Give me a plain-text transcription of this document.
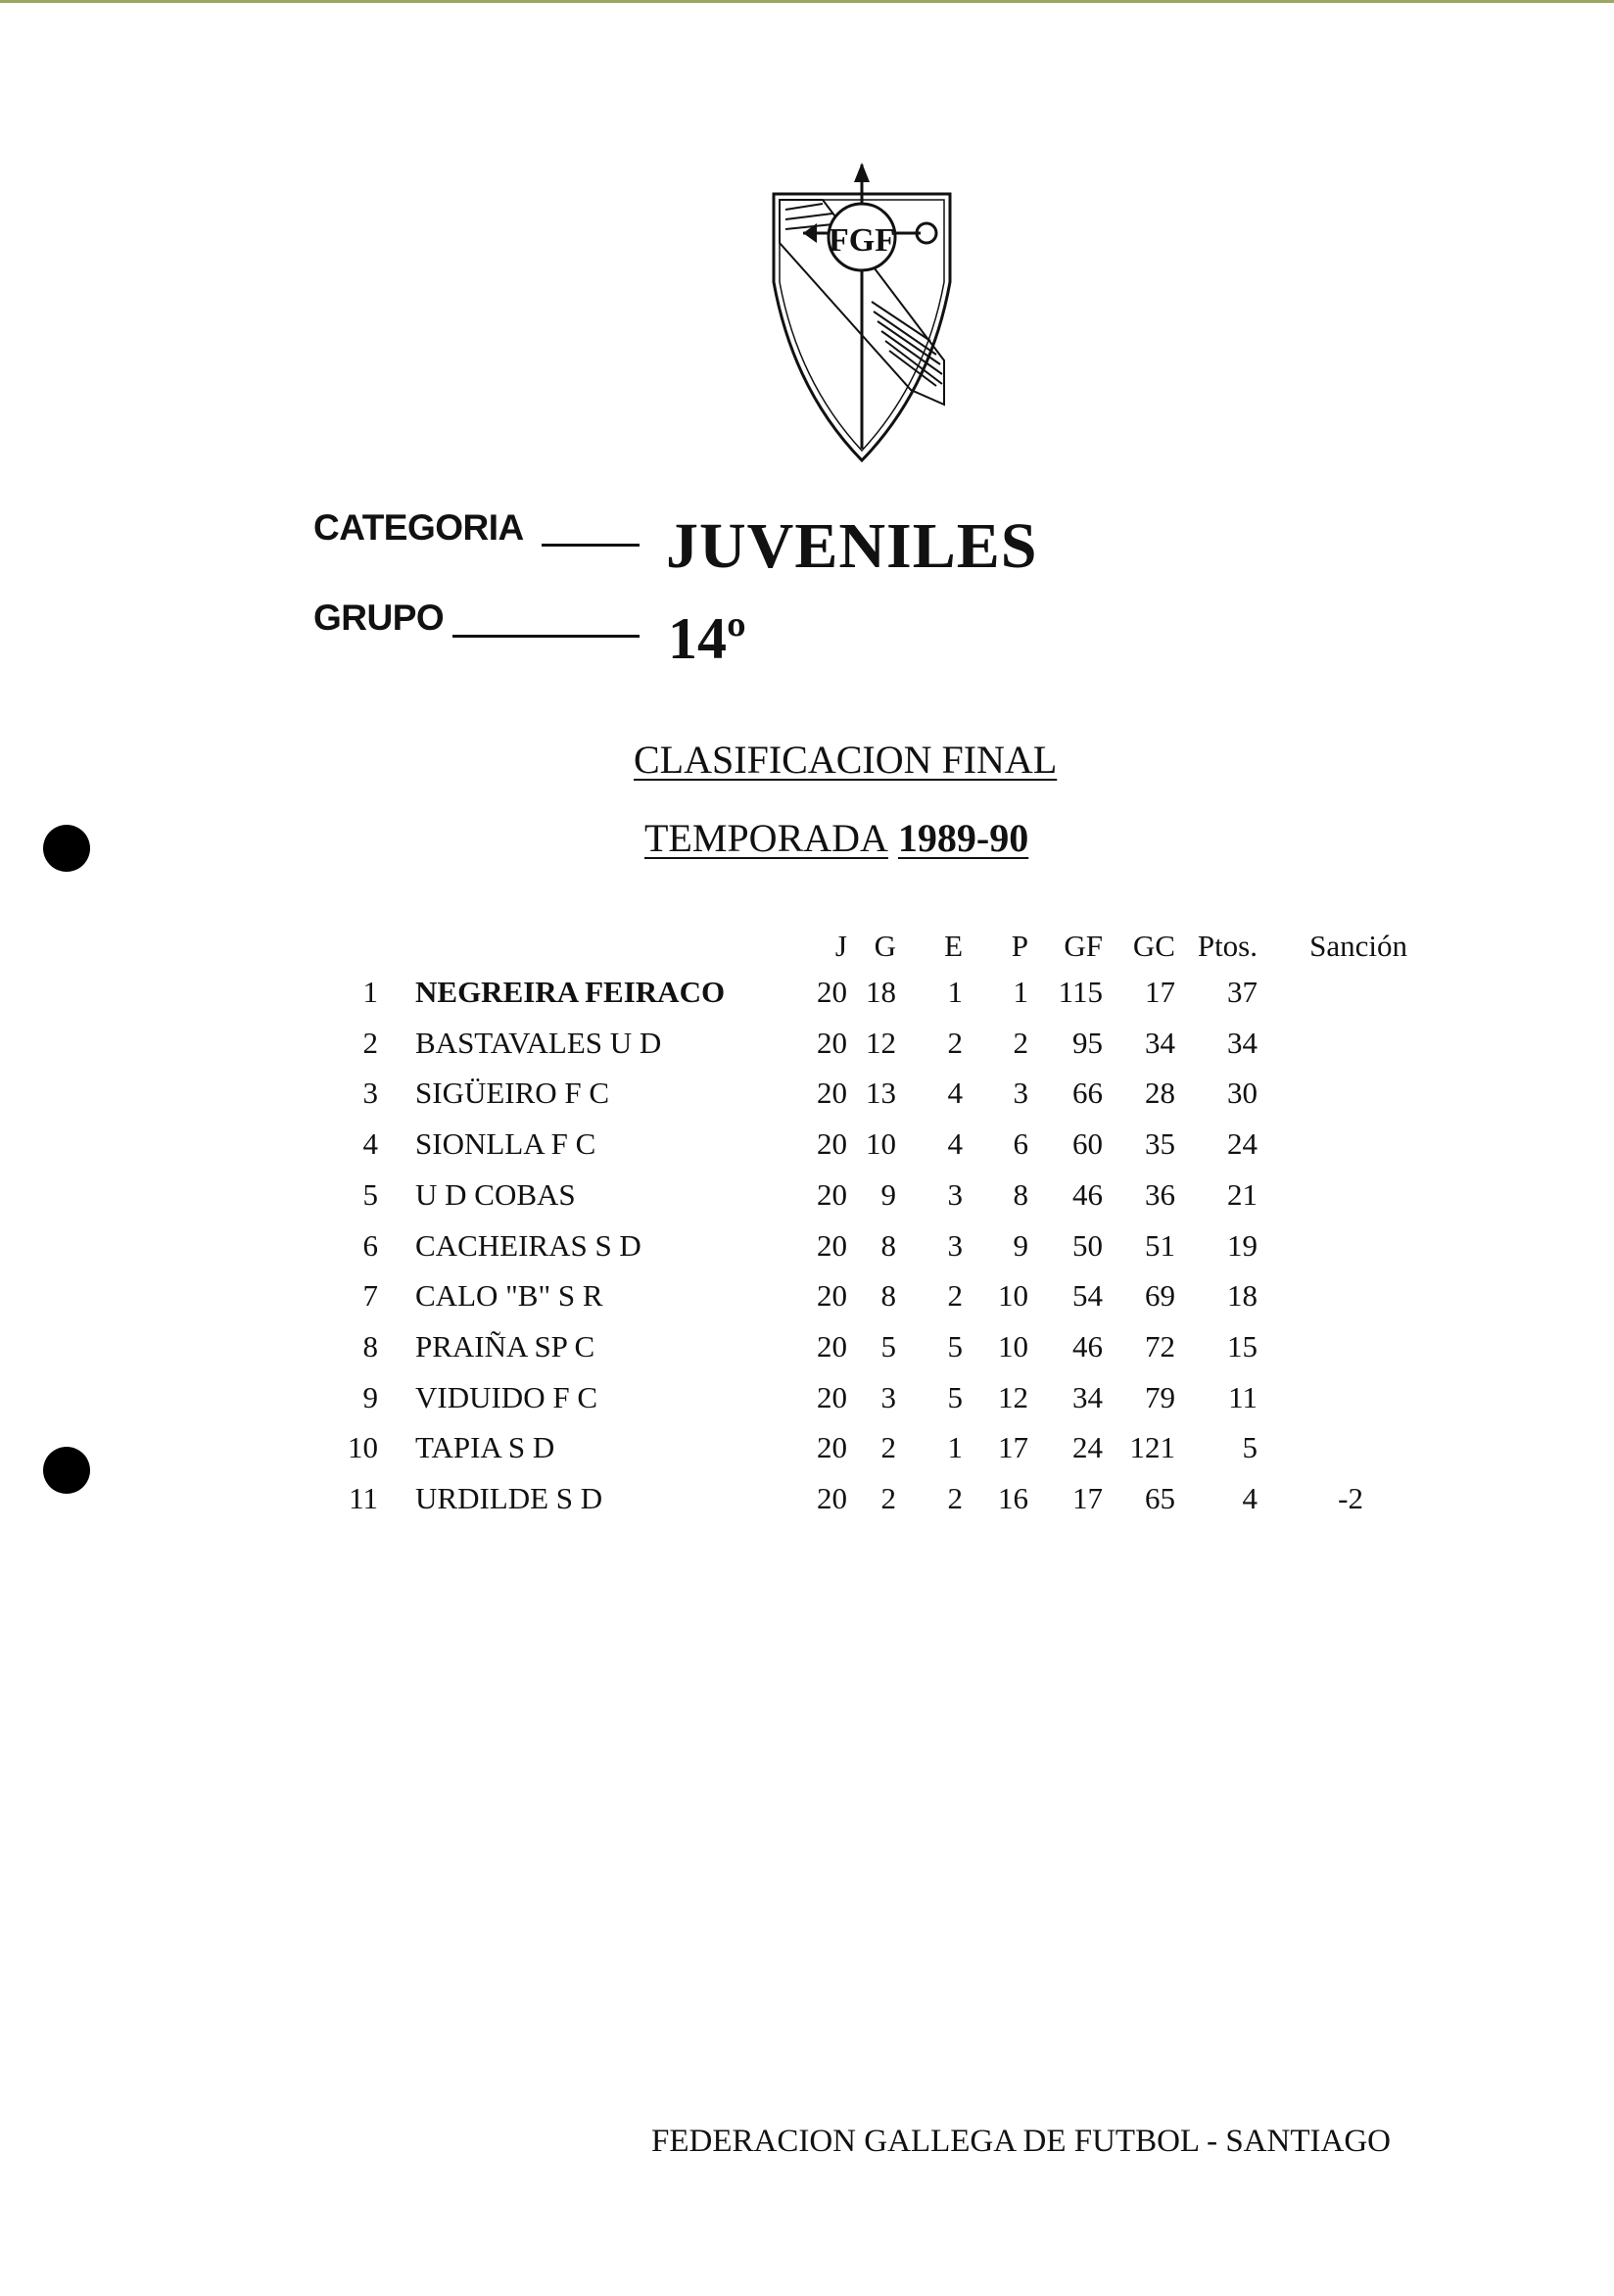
FGF
CATEGORIA JUVENILES
GRUPO	14º
CLASIFICACION FINAL
TEMPORADA 1989-90
J G	E	P	GF GC Ptos.	Sanción
1 NEGREIRA FEIRACO	20 18	1	1 115	17	37
2 BASTAVALES U D	20 12	2	2	95	34	34
3 SIGÜEIRO F C	20 13	4	3	66	28	30
4 SIONLLA F C	20 10	4	6	60	35	24
5 U D COBAS	20	9	3	8	46	36	21
6 CACHEIRAS S D	20	8	3	9	50	51	19
7 CALO "B" S R	20	8	2	10	54	69	18
8 PRAIÑA SP C	20	5	5	10	46	72	15
9 VIDUIDO F C	20	3	5	12	34	79	11
10 TAPIA S D	20	2	1	17	24 121	5
11 URDILDE S D	20	2	2	16	17	65	4	-2
FEDERACION GALLEGA DE FUTBOL - SANTIAGO
